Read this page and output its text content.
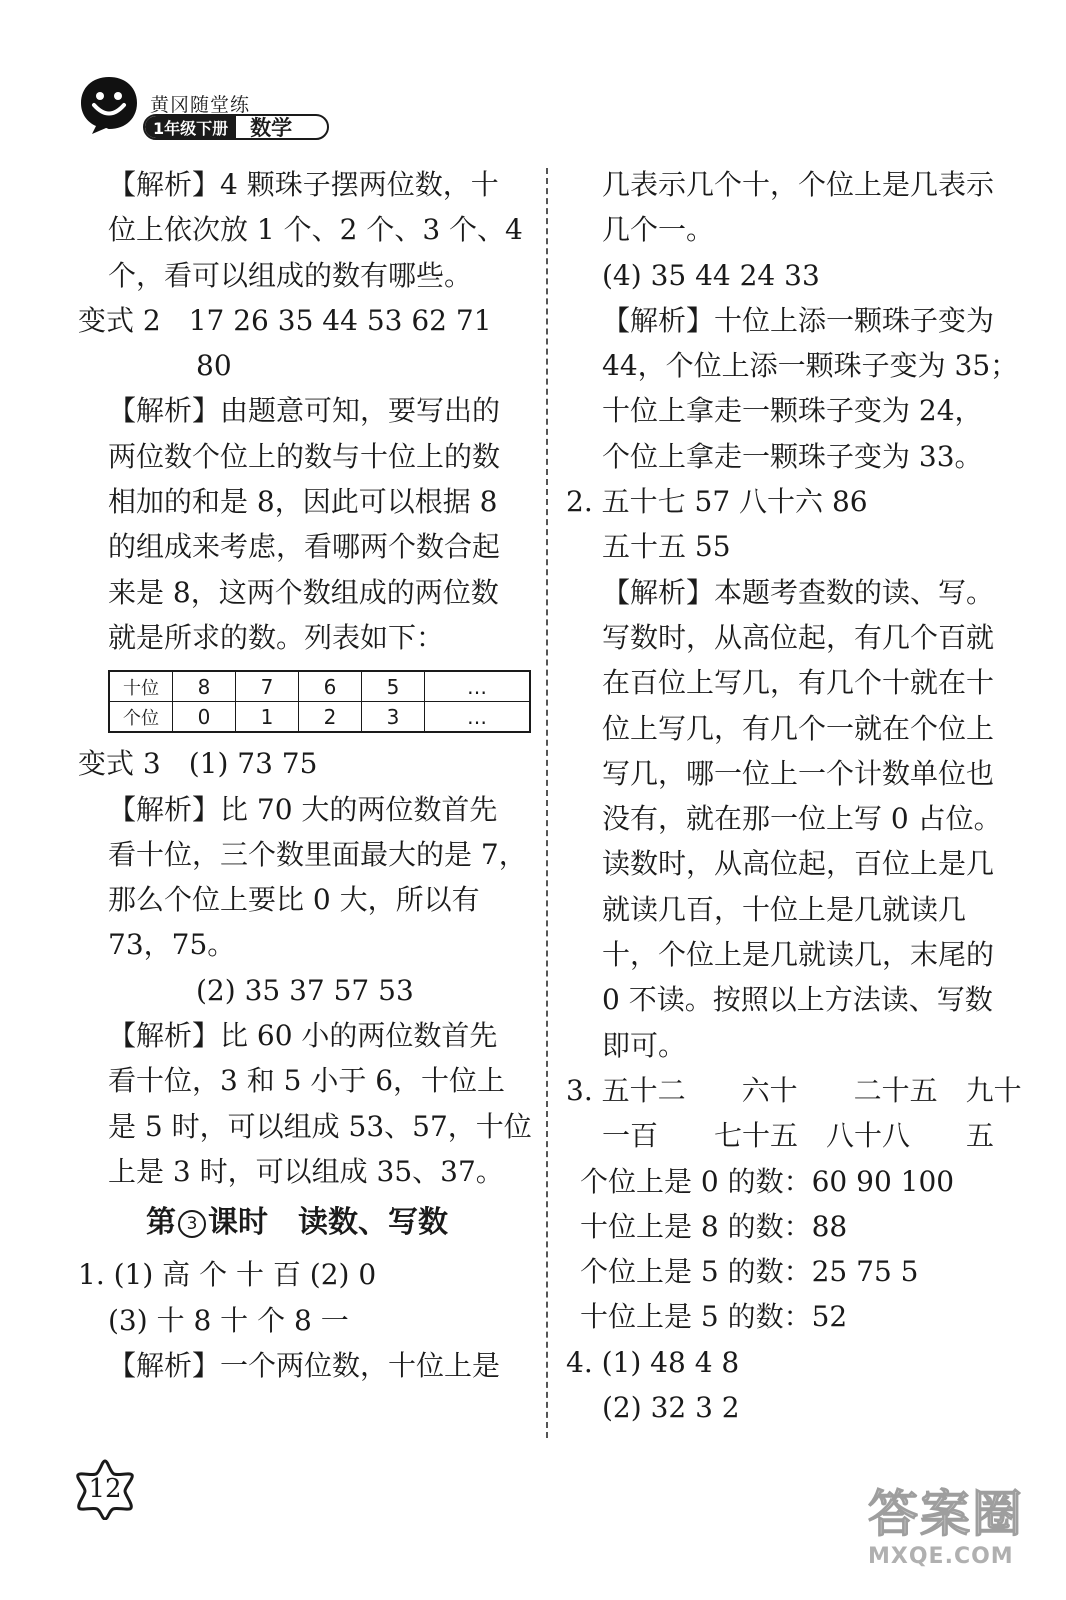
黄冈随堂练
1年级下册	数学
【解析】4 颗珠子摆两位数，十
位上依次放 1 个、2 个、3 个、4
个，看可以组成的数有哪些。
变式 2　17 26 35 44 53 62 71
80
【解析】由题意可知，要写出的
两位数个位上的数与十位上的数
相加的和是 8，因此可以根据 8
的组成来考虑，看哪两个数合起
来是 8，这两个数组成的两位数
就是所求的数。列表如下：
十位	8	7	6	5	…
个位	0	1	2	3	…
变式 3　(1) 73 75
【解析】比 70 大的两位数首先
看十位，三个数里面最大的是 7，
那么个位上要比 0 大，所以有
73，75。
(2) 35 37 57 53
【解析】比 60 小的两位数首先
看十位，3 和 5 小于 6，十位上
是 5 时，可以组成 53、57，十位
上是 3 时，可以组成 35、37。
第 3 课时　读数、写数
1. (1) 高 个 十 百 (2) 0
(3) 十 8 十 个 8 一
【解析】一个两位数，十位上是
几表示几个十，个位上是几表示
几个一。
(4) 35 44 24 33
【解析】十位上添一颗珠子变为
44，个位上添一颗珠子变为 35；
十位上拿走一颗珠子变为 24，
个位上拿走一颗珠子变为 33。
2. 五十七 57 八十六 86
五十五 55
【解析】本题考查数的读、写。
写数时，从高位起，有几个百就
在百位上写几，有几个十就在十
位上写几，有几个一就在个位上
写几，哪一位上一个计数单位也
没有，就在那一位上写 0 占位。
读数时，从高位起，百位上是几
就读几百，十位上是几就读几
十，个位上是几就读几，末尾的
0 不读。按照以上方法读、写数
即可。
3. 五十二　　六十　　二十五　九十
一百　　七十五　八十八　　五
个位上是 0 的数：60 90 100
十位上是 8 的数：88
个位上是 5 的数：25 75 5
十位上是 5 的数：52
4. (1) 48 4 8
(2) 32 3 2
12	答案圈
MXQE.COM
